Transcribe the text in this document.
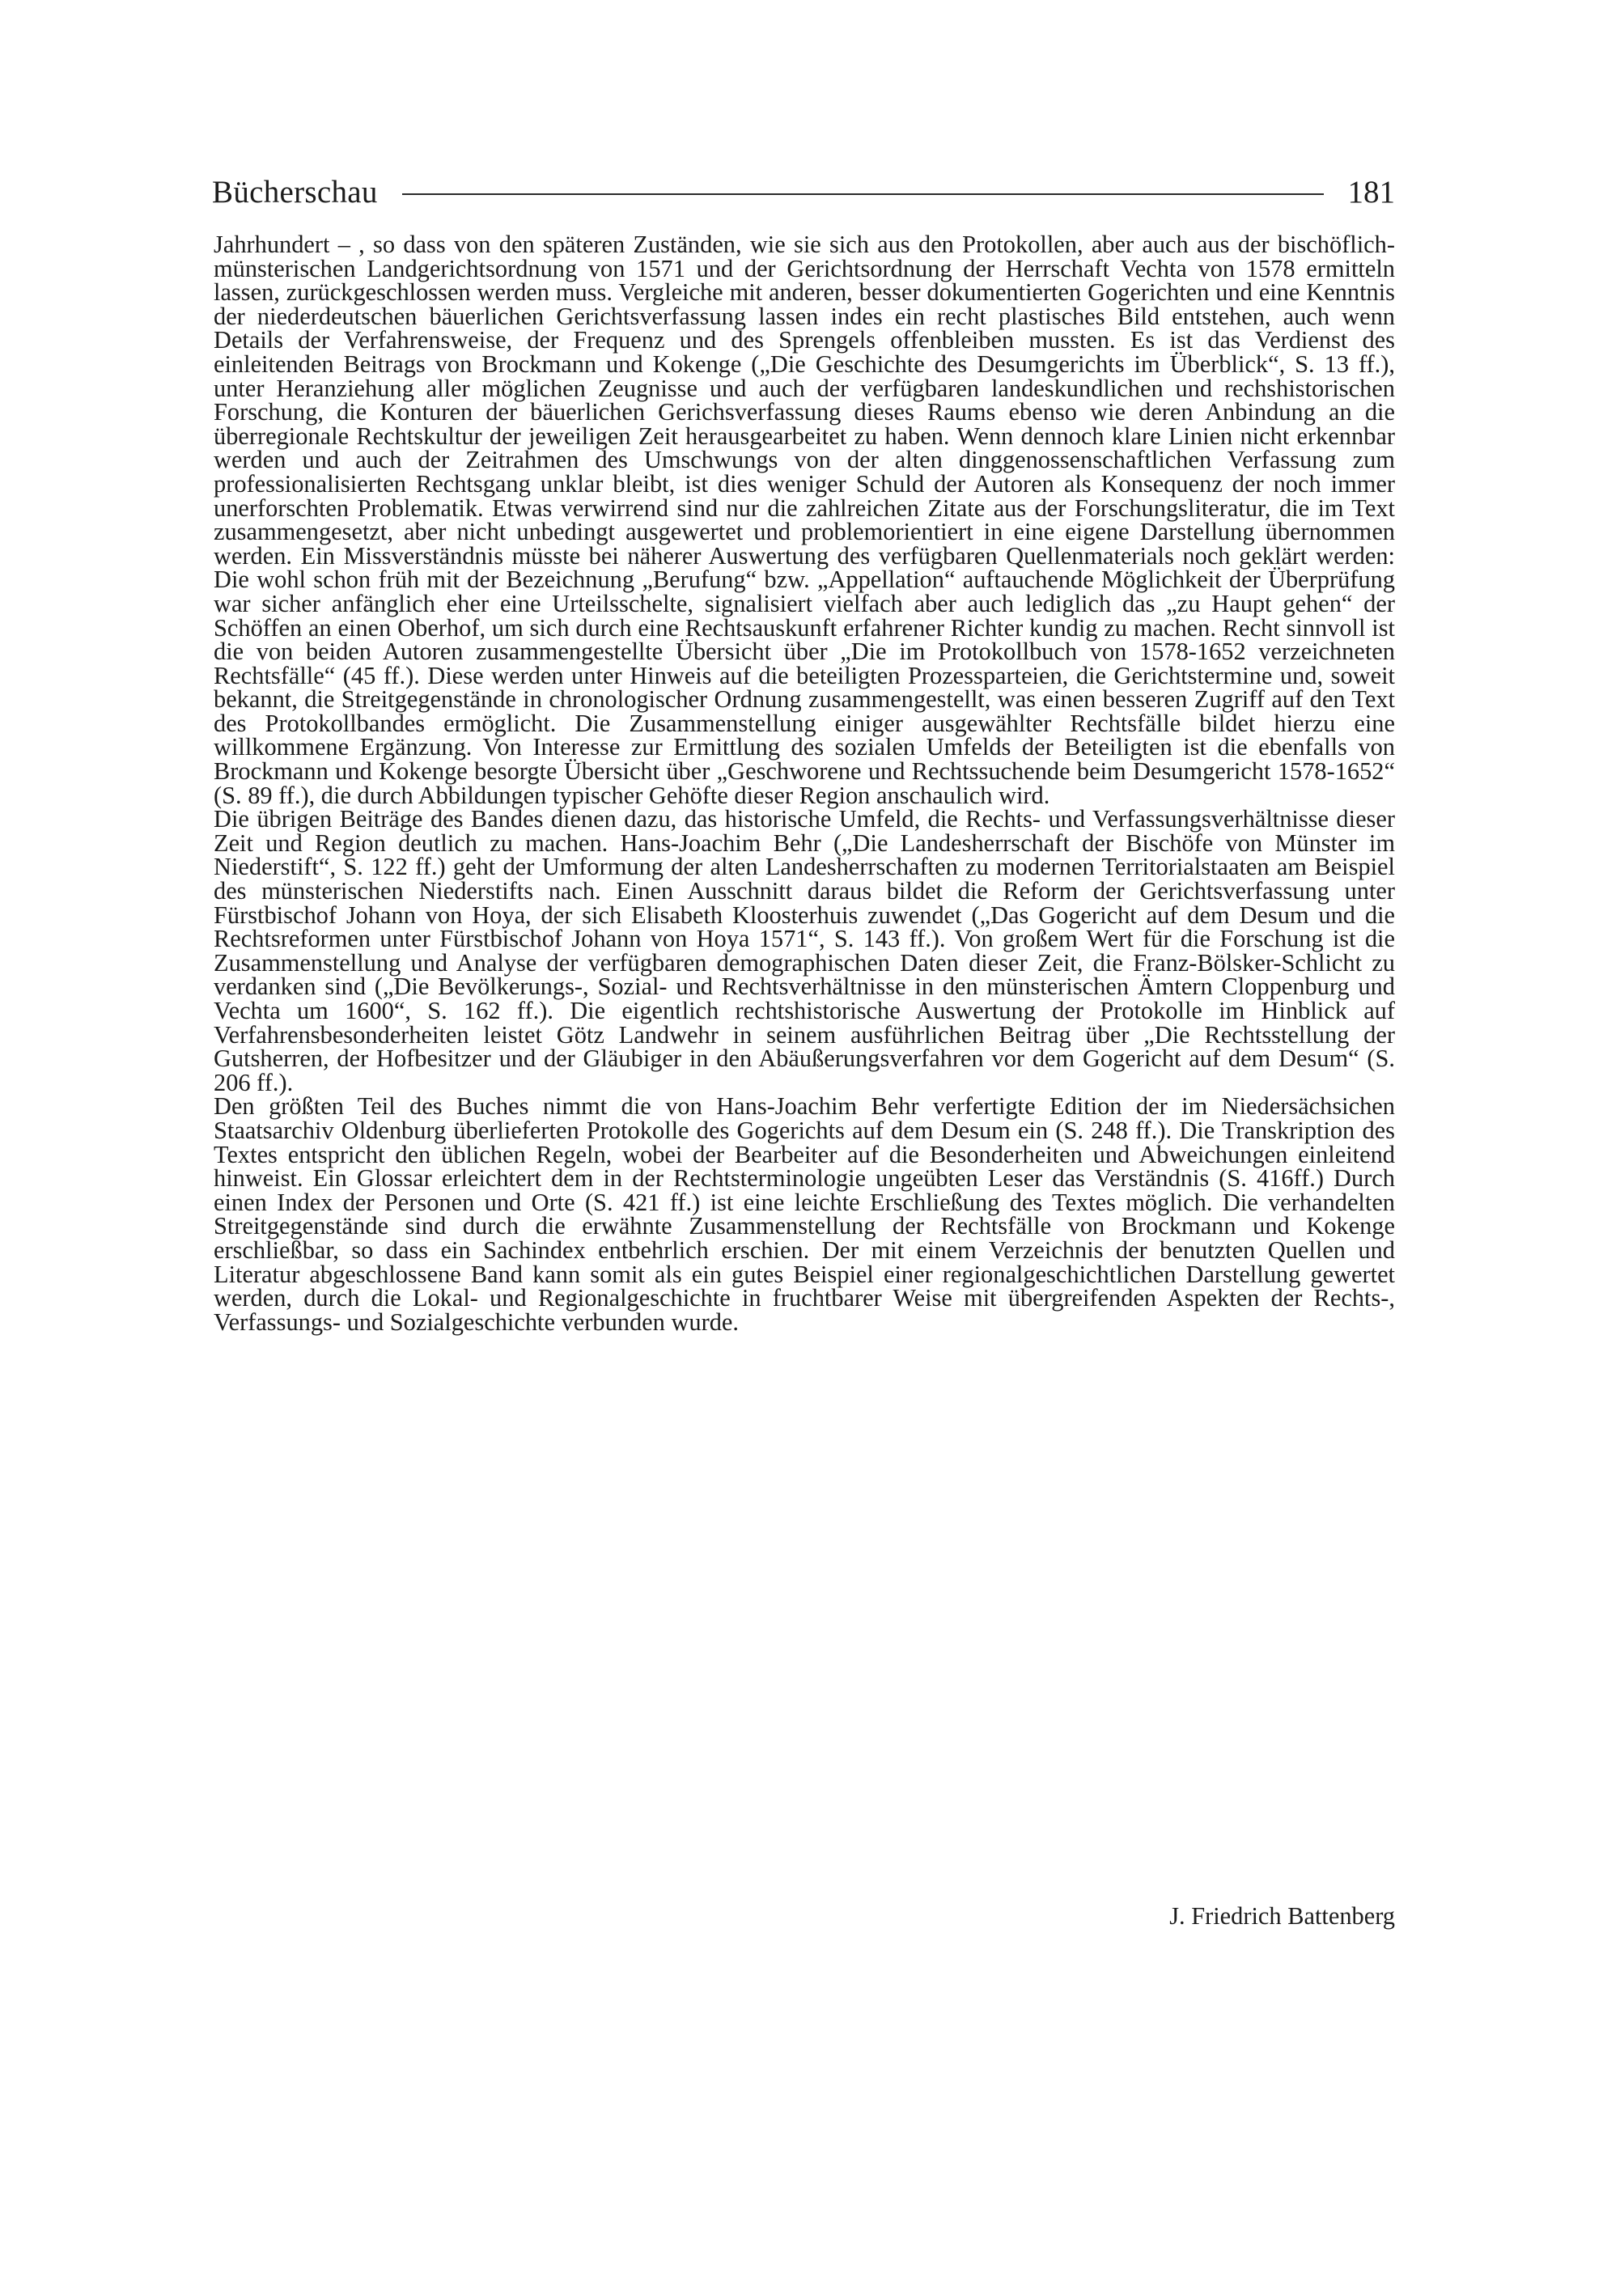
Bücherschau	181

Jahrhundert – , so dass von den späteren Zuständen, wie sie sich aus den Protokollen, aber auch aus der bischöflich-münsterischen Landgerichtsordnung von 1571 und der Gerichtsordnung der Herrschaft Vechta von 1578 ermitteln lassen, zurückgeschlossen werden muss. Vergleiche mit anderen, besser dokumentierten Gogerichten und eine Kenntnis der niederdeutschen bäuerlichen Gerichtsverfassung lassen indes ein recht plastisches Bild entstehen, auch wenn Details der Verfahrensweise, der Frequenz und des Sprengels offenbleiben mussten. Es ist das Verdienst des einleitenden Beitrags von Brockmann und Kokenge („Die Geschichte des Desumgerichts im Überblick“, S. 13 ff.), unter Heranziehung aller möglichen Zeugnisse und auch der verfügbaren landeskundlichen und rechshistorischen Forschung, die Konturen der bäuerlichen Gerichsverfassung dieses Raums ebenso wie deren Anbindung an die überregionale Rechtskultur der jeweiligen Zeit herausgearbeitet zu haben. Wenn dennoch klare Linien nicht erkennbar werden und auch der Zeitrahmen des Umschwungs von der alten dinggenossenschaftlichen Verfassung zum professionalisierten Rechtsgang unklar bleibt, ist dies weniger Schuld der Autoren als Konsequenz der noch immer unerforschten Problematik. Etwas verwirrend sind nur die zahlreichen Zitate aus der Forschungsliteratur, die im Text zusammengesetzt, aber nicht unbedingt ausgewertet und problemorientiert in eine eigene Darstellung übernommen werden. Ein Missverständnis müsste bei näherer Auswertung des verfügbaren Quellenmaterials noch geklärt werden: Die wohl schon früh mit der Bezeichnung „Berufung“ bzw. „Appellation“ auftauchende Möglichkeit der Überprüfung war sicher anfänglich eher eine Urteilsschelte, signalisiert vielfach aber auch lediglich das „zu Haupt gehen“ der Schöffen an einen Oberhof, um sich durch eine Rechtsauskunft erfahrener Richter kundig zu machen. Recht sinnvoll ist die von beiden Autoren zusammengestellte Übersicht über „Die im Protokollbuch von 1578-1652 verzeichneten Rechtsfälle“ (45 ff.). Diese werden unter Hinweis auf die beteiligten Prozessparteien, die Gerichtstermine und, soweit bekannt, die Streitgegenstände in chronologischer Ordnung zusammengestellt, was einen besseren Zugriff auf den Text des Protokollbandes ermöglicht. Die Zusammenstellung einiger ausgewählter Rechtsfälle bildet hierzu eine willkommene Ergänzung. Von Interesse zur Ermittlung des sozialen Umfelds der Beteiligten ist die ebenfalls von Brockmann und Kokenge besorgte Übersicht über „Geschworene und Rechtssuchende beim Desumgericht 1578-1652“ (S. 89 ff.), die durch Abbildungen typischer Gehöfte dieser Region anschaulich wird.

Die übrigen Beiträge des Bandes dienen dazu, das historische Umfeld, die Rechts- und Verfassungsverhältnisse dieser Zeit und Region deutlich zu machen. Hans-Joachim Behr („Die Landesherrschaft der Bischöfe von Münster im Niederstift“, S. 122 ff.) geht der Umformung der alten Landesherrschaften zu modernen Territorialstaaten am Beispiel des münsterischen Niederstifts nach. Einen Ausschnitt daraus bildet die Reform der Gerichtsverfassung unter Fürstbischof Johann von Hoya, der sich Elisabeth Kloosterhuis zuwendet („Das Gogericht auf dem Desum und die Rechtsreformen unter Fürstbischof Johann von Hoya 1571“, S. 143 ff.). Von großem Wert für die Forschung ist die Zusammenstellung und Analyse der verfügbaren demographischen Daten dieser Zeit, die Franz-Bölsker-Schlicht zu verdanken sind („Die Bevölkerungs-, Sozial- und Rechtsverhältnisse in den münsterischen Ämtern Cloppenburg und Vechta um 1600“, S. 162 ff.). Die eigentlich rechtshistorische Auswertung der Protokolle im Hinblick auf Verfahrensbesonderheiten leistet Götz Landwehr in seinem ausführlichen Beitrag über „Die Rechtsstellung der Gutsherren, der Hofbesitzer und der Gläubiger in den Abäußerungsverfahren vor dem Gogericht auf dem Desum“ (S. 206 ff.).

Den größten Teil des Buches nimmt die von Hans-Joachim Behr verfertigte Edition der im Niedersächsichen Staatsarchiv Oldenburg überlieferten Protokolle des Gogerichts auf dem Desum ein (S. 248 ff.). Die Transkription des Textes entspricht den üblichen Regeln, wobei der Bearbeiter auf die Besonderheiten und Abweichungen einleitend hinweist. Ein Glossar erleichtert dem in der Rechtsterminologie ungeübten Leser das Verständnis (S. 416ff.) Durch einen Index der Personen und Orte (S. 421 ff.) ist eine leichte Erschließung des Textes möglich. Die verhandelten Streitgegenstände sind durch die erwähnte Zusammenstellung der Rechtsfälle von Brockmann und Kokenge erschließbar, so dass ein Sachindex entbehrlich erschien. Der mit einem Verzeichnis der benutzten Quellen und Literatur abgeschlossene Band kann somit als ein gutes Beispiel einer regionalgeschichtlichen Darstellung gewertet werden, durch die Lokal- und Regionalgeschichte in fruchtbarer Weise mit übergreifenden Aspekten der Rechts-, Verfassungs- und Sozialgeschichte verbunden wurde.

J. Friedrich Battenberg
